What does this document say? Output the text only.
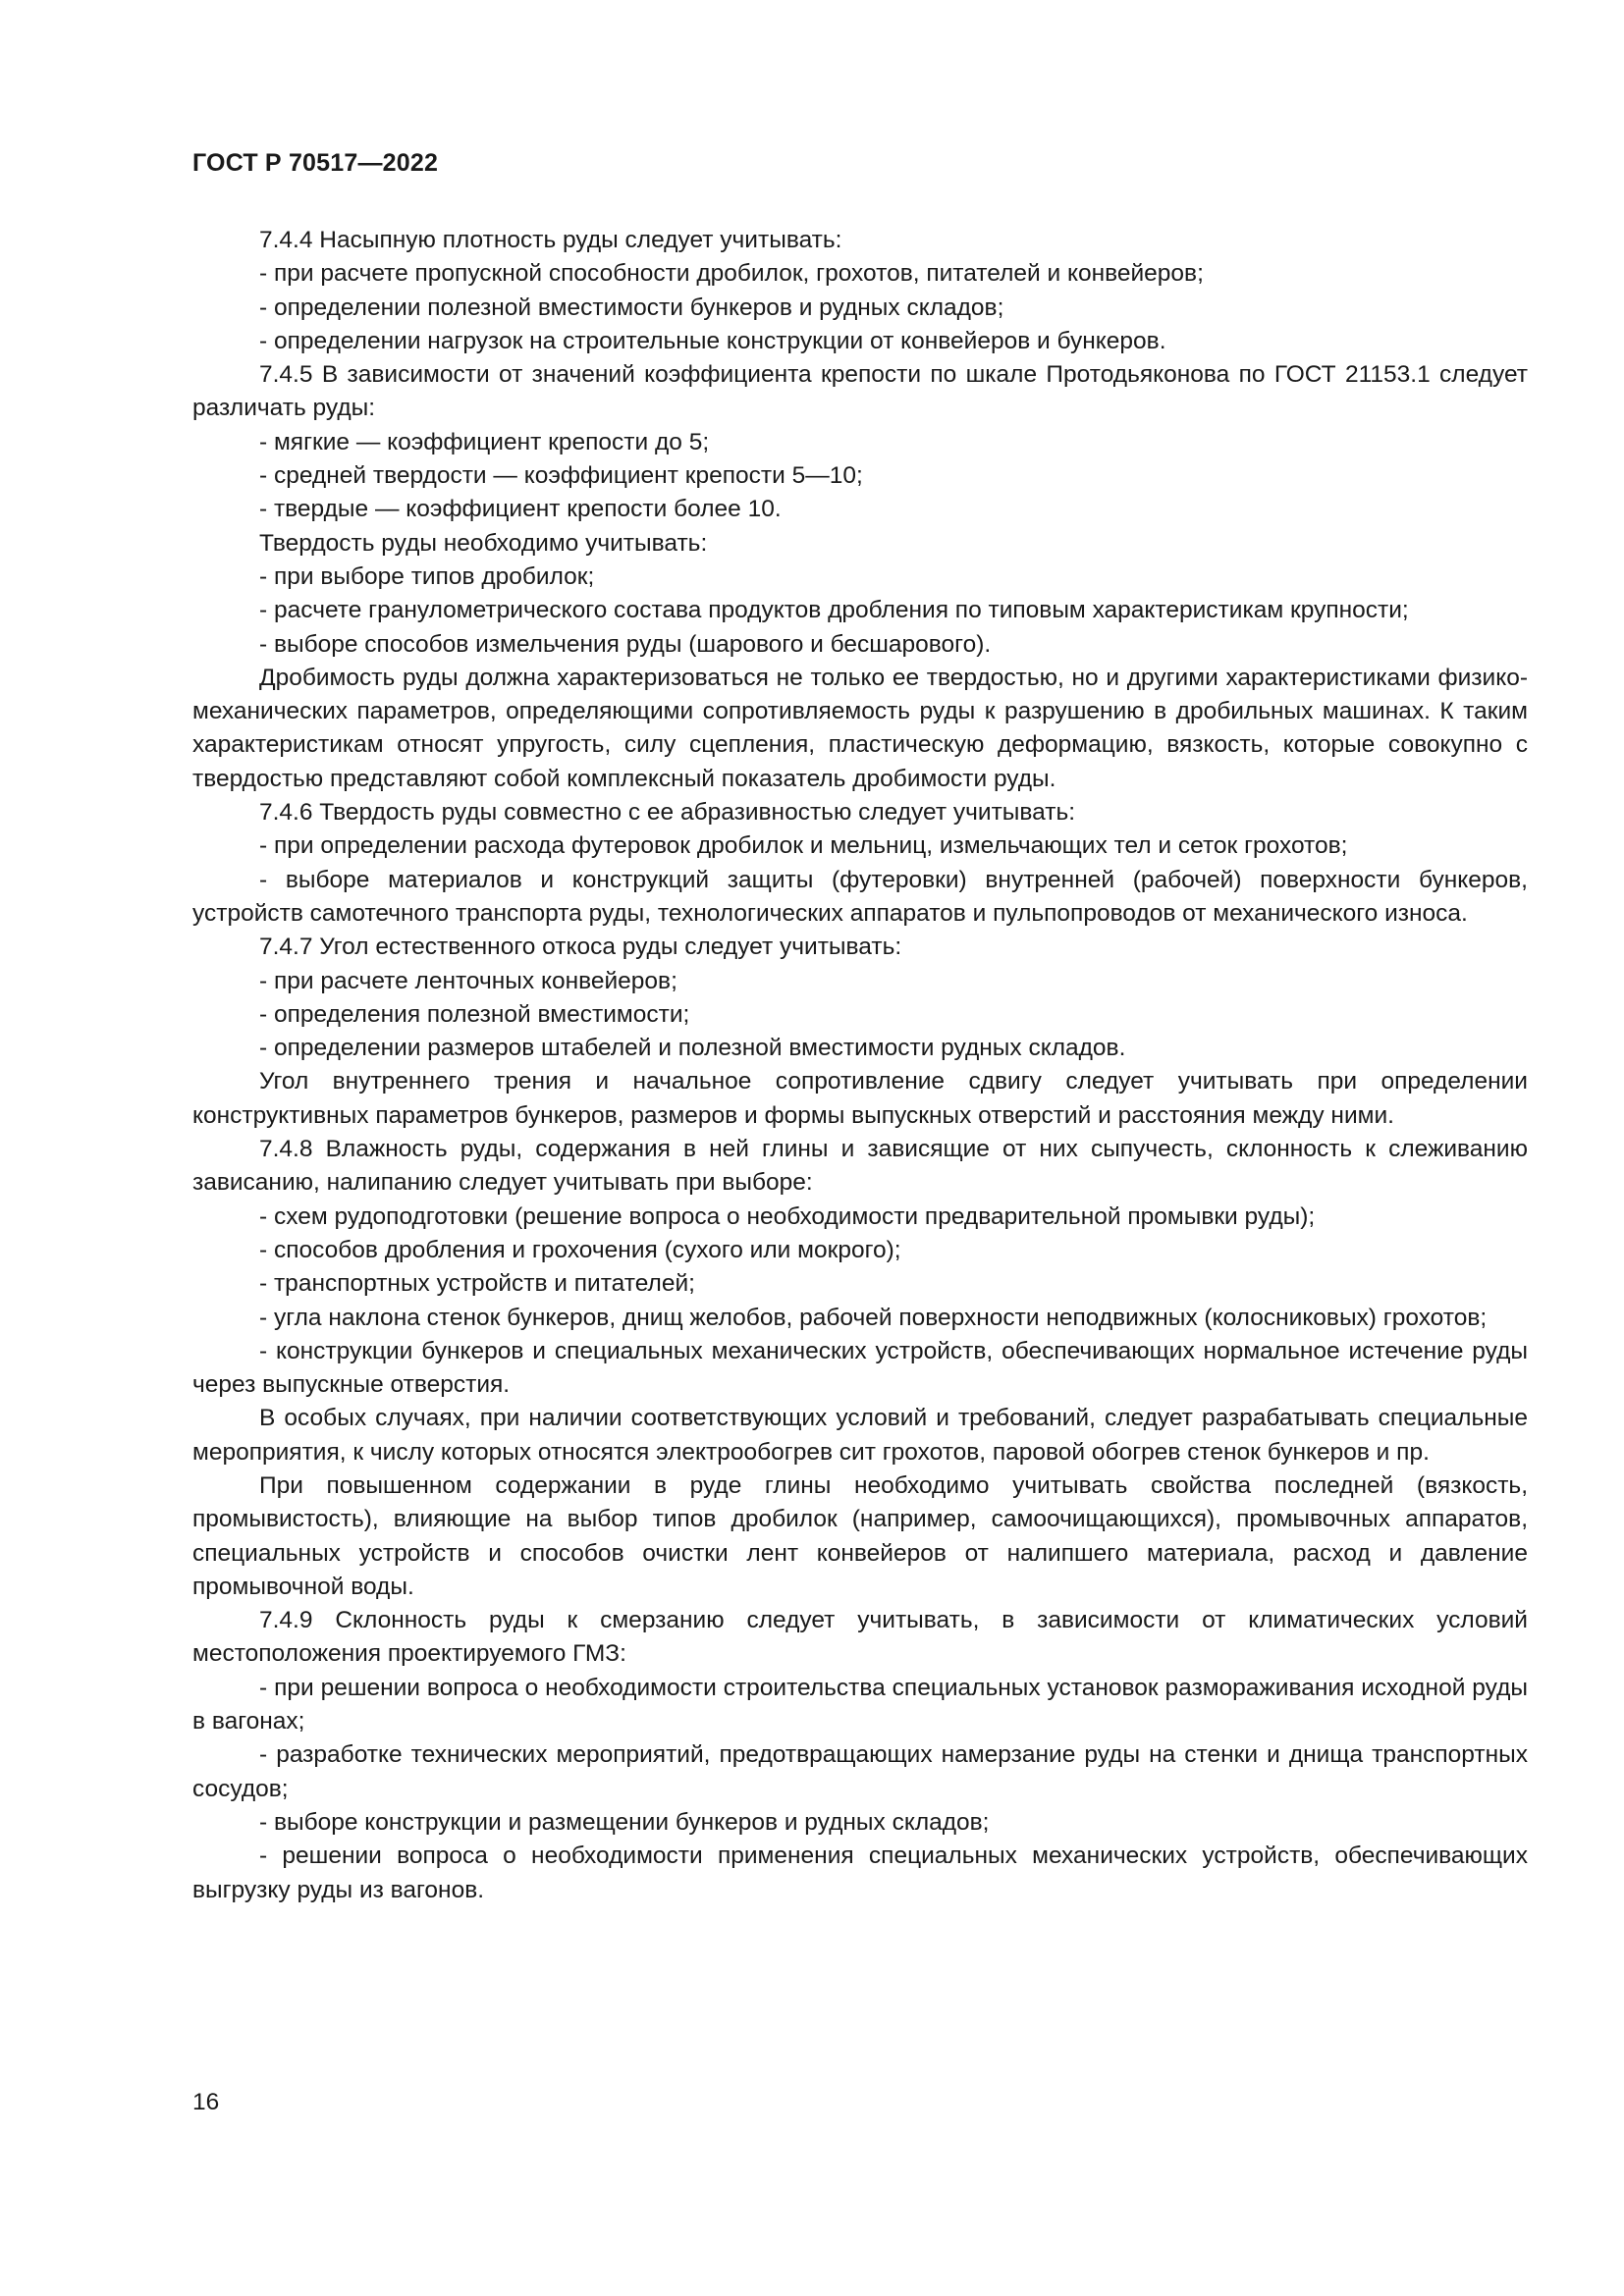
ГОСТ Р 70517—2022

7.4.4 Насыпную плотность руды следует учитывать:

- при расчете пропускной способности дробилок, грохотов, питателей и конвейеров;

- определении полезной вместимости бункеров и рудных складов;

- определении нагрузок на строительные конструкции от конвейеров и бункеров.

7.4.5 В зависимости от значений коэффициента крепости по шкале Протодьяконова по ГОСТ 21153.1 следует различать руды:

- мягкие — коэффициент крепости до 5;

- средней твердости — коэффициент крепости 5—10;

- твердые — коэффициент крепости более 10.

Твердость руды необходимо учитывать:

- при выборе типов дробилок;

- расчете гранулометрического состава продуктов дробления по типовым характеристикам крупности;

- выборе способов измельчения руды (шарового и бесшарового).

Дробимость руды должна характеризоваться не только ее твердостью, но и другими характеристиками физико-механических параметров, определяющими сопротивляемость руды к разрушению в дробильных машинах. К таким характеристикам относят упругость, силу сцепления, пластическую деформацию, вязкость, которые совокупно с твердостью представляют собой комплексный показатель дробимости руды.

7.4.6 Твердость руды совместно с ее абразивностью следует учитывать:

- при определении расхода футеровок дробилок и мельниц, измельчающих тел и сеток грохотов;

- выборе материалов и конструкций защиты (футеровки) внутренней (рабочей) поверхности бункеров, устройств самотечного транспорта руды, технологических аппаратов и пульпопроводов от механического износа.

7.4.7 Угол естественного откоса руды следует учитывать:

- при расчете ленточных конвейеров;

- определения полезной вместимости;

- определении размеров штабелей и полезной вместимости рудных складов.

Угол внутреннего трения и начальное сопротивление сдвигу следует учитывать при определении конструктивных параметров бункеров, размеров и формы выпускных отверстий и расстояния между ними.

7.4.8 Влажность руды, содержания в ней глины и зависящие от них сыпучесть, склонность к слеживанию зависанию, налипанию следует учитывать при выборе:

- схем рудоподготовки (решение вопроса о необходимости предварительной промывки руды);

- способов дробления и грохочения (сухого или мокрого);

- транспортных устройств и питателей;

- угла наклона стенок бункеров, днищ желобов, рабочей поверхности неподвижных (колосниковых) грохотов;

- конструкции бункеров и специальных механических устройств, обеспечивающих нормальное истечение руды через выпускные отверстия.

В особых случаях, при наличии соответствующих условий и требований, следует разрабатывать специальные мероприятия, к числу которых относятся электрообогрев сит грохотов, паровой обогрев стенок бункеров и пр.

При повышенном содержании в руде глины необходимо учитывать свойства последней (вязкость, промывистость), влияющие на выбор типов дробилок (например, самоочищающихся), промывочных аппаратов, специальных устройств и способов очистки лент конвейеров от налипшего материала, расход и давление промывочной воды.

7.4.9 Склонность руды к смерзанию следует учитывать, в зависимости от климатических условий местоположения проектируемого ГМЗ:

- при решении вопроса о необходимости строительства специальных установок размораживания исходной руды в вагонах;

- разработке технических мероприятий, предотвращающих намерзание руды на стенки и днища транспортных сосудов;

- выборе конструкции и размещении бункеров и рудных складов;

- решении вопроса о необходимости применения специальных механических устройств, обеспечивающих выгрузку руды из вагонов.

16
